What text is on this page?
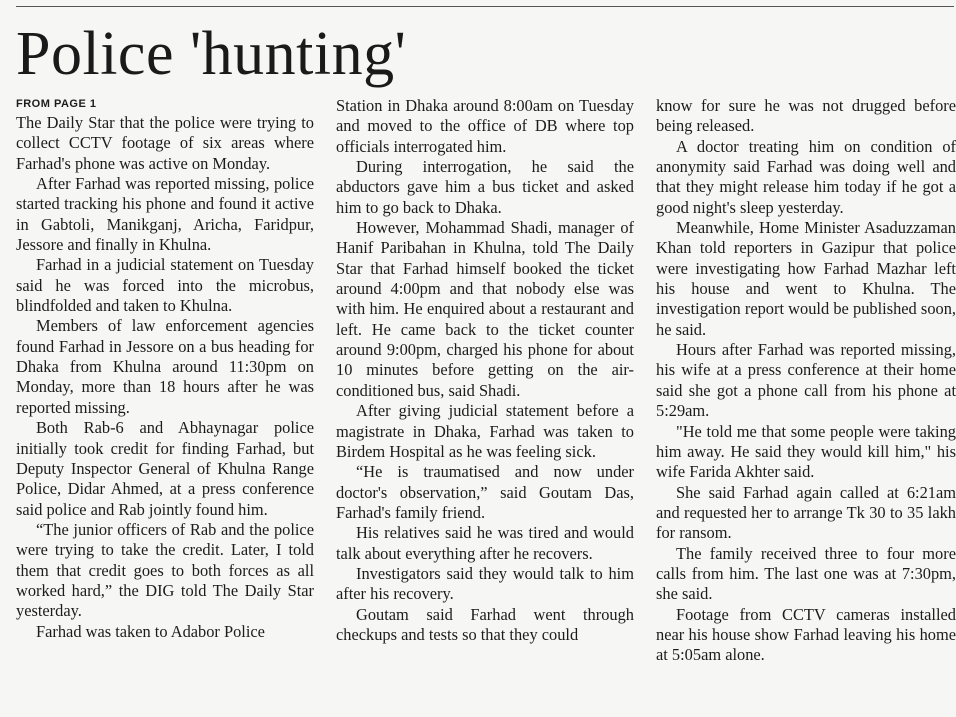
Police 'hunting'
FROM PAGE 1

The Daily Star that the police were trying to collect CCTV footage of six areas where Farhad's phone was active on Monday.

After Farhad was reported missing, police started tracking his phone and found it active in Gabtoli, Manikganj, Aricha, Faridpur, Jessore and finally in Khulna.

Farhad in a judicial statement on Tuesday said he was forced into the microbus, blindfolded and taken to Khulna.

Members of law enforcement agencies found Farhad in Jessore on a bus heading for Dhaka from Khulna around 11:30pm on Monday, more than 18 hours after he was reported missing.

Both Rab-6 and Abhaynagar police initially took credit for finding Farhad, but Deputy Inspector General of Khulna Range Police, Didar Ahmed, at a press conference said police and Rab jointly found him.

“The junior officers of Rab and the police were trying to take the credit. Later, I told them that credit goes to both forces as all worked hard,” the DIG told The Daily Star yesterday.

Farhad was taken to Adabor Police

Station in Dhaka around 8:00am on Tuesday and moved to the office of DB where top officials interrogated him.

During interrogation, he said the abductors gave him a bus ticket and asked him to go back to Dhaka.

However, Mohammad Shadi, manager of Hanif Paribahan in Khulna, told The Daily Star that Farhad himself booked the ticket around 4:00pm and that nobody else was with him. He enquired about a restaurant and left. He came back to the ticket counter around 9:00pm, charged his phone for about 10 minutes before getting on the air-conditioned bus, said Shadi.

After giving judicial statement before a magistrate in Dhaka, Farhad was taken to Birdem Hospital as he was feeling sick.

“He is traumatised and now under doctor's observation,” said Goutam Das, Farhad's family friend.

His relatives said he was tired and would talk about everything after he recovers.

Investigators said they would talk to him after his recovery.

Goutam said Farhad went through checkups and tests so that they could

know for sure he was not drugged before being released.

A doctor treating him on condition of anonymity said Farhad was doing well and that they might release him today if he got a good night's sleep yesterday.

Meanwhile, Home Minister Asaduzzaman Khan told reporters in Gazipur that police were investigating how Farhad Mazhar left his house and went to Khulna. The investigation report would be published soon, he said.

Hours after Farhad was reported missing, his wife at a press conference at their home said she got a phone call from his phone at 5:29am.

"He told me that some people were taking him away. He said they would kill him," his wife Farida Akhter said.

She said Farhad again called at 6:21am and requested her to arrange Tk 30 to 35 lakh for ransom.

The family received three to four more calls from him. The last one was at 7:30pm, she said.

Footage from CCTV cameras installed near his house show Farhad leaving his home at 5:05am alone.
